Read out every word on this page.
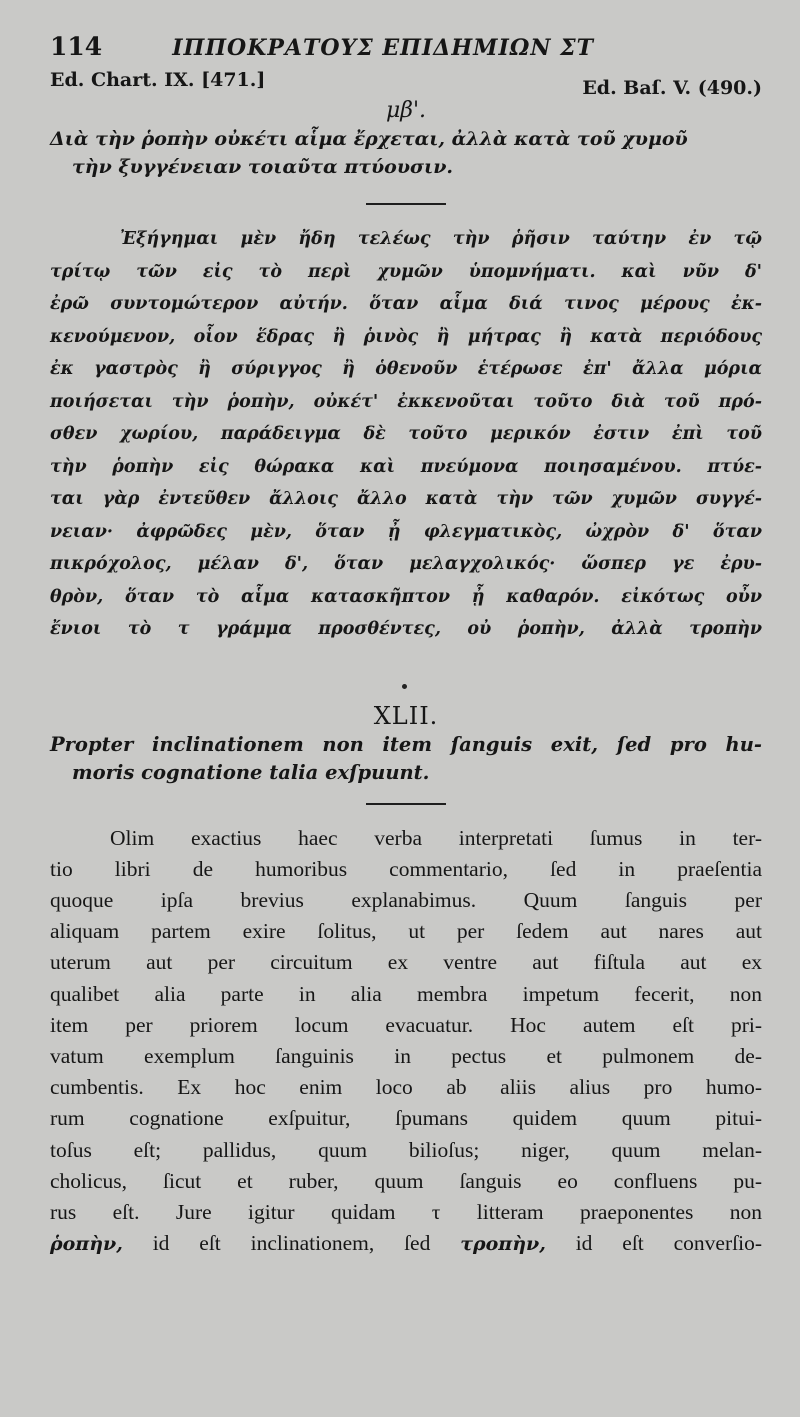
114	ΙΠΠΟΚΡΑΤΟΥΣ ΕΠΙΔΗΜΙΩΝ ΣΤ
Ed. Chart. IX. [471.]	Ed. Baſ. V. (490.)
μβ'.
Διὰ τὴν ῥοπὴν οὐκέτι αἷμα ἔρχεται, ἀλλὰ κατὰ τοῦ χυμοῦ
τὴν ξυγγένειαν τοιαῦτα πτύουσιν.
Ἐξήγημαι μὲν ἤδη τελέως τὴν ῥῆσιν ταύτην ἐν τῷ
τρίτῳ τῶν εἰς τὸ περὶ χυμῶν ὑπομνήματι. καὶ νῦν δ'
ἐρῶ συντομώτερον αὐτήν. ὅταν αἷμα διά τινος μέρους ἐκ-
κενούμενον, οἷον ἕδρας ἢ ῥινὸς ἢ μήτρας ἢ κατὰ περιόδους
ἐκ γαστρὸς ἢ σύριγγος ἢ ὁθενοῦν ἑτέρωσε ἐπ' ἄλλα μόρια
ποιήσεται τὴν ῥοπὴν, οὐκέτ' ἐκκενοῦται τοῦτο διὰ τοῦ πρό-
σθεν χωρίου, παράδειγμα δὲ τοῦτο μερικόν ἐστιν ἐπὶ τοῦ
τὴν ῥοπὴν εἰς θώρακα καὶ πνεύμονα ποιησαμένου. πτύε-
ται γὰρ ἐντεῦθεν ἄλλοις ἄλλο κατὰ τὴν τῶν χυμῶν συγγέ-
νειαν· ἀφρῶδες μὲν, ὅταν ᾖ φλεγματικὸς, ὠχρὸν δ' ὅταν
πικρόχολος, μέλαν δ', ὅταν μελαγχολικός· ὥσπερ γε ἐρυ-
θρὸν, ὅταν τὸ αἷμα κατασκῆπτον ᾖ καθαρόν. εἰκότως οὖν
ἔνιοι τὸ τ γράμμα προσθέντες, οὐ ῥοπὴν, ἀλλὰ τροπὴν
XLII.
Propter inclinationem non item ſanguis exit, ſed pro hu-
moris cognatione talia exſpuunt.
Olim exactius haec verba interpretati ſumus in ter-
tio libri de humoribus commentario, ſed in praeſentia
quoque ipſa brevius explanabimus. Quum ſanguis per
aliquam partem exire ſolitus, ut per ſedem aut nares aut
uterum aut per circuitum ex ventre aut fiſtula aut ex
qualibet alia parte in alia membra impetum fecerit, non
item per priorem locum evacuatur. Hoc autem eſt pri-
vatum exemplum ſanguinis in pectus et pulmonem de-
cumbentis. Ex hoc enim loco ab aliis alius pro humo-
rum cognatione exſpuitur, ſpumans quidem quum pitui-
toſus eſt; pallidus, quum bilioſus; niger, quum melan-
cholicus, ſicut et ruber, quum ſanguis eo confluens pu-
rus eſt. Jure igitur quidam τ litteram praeponentes non
ῥοπὴν, id eſt inclinationem, ſed τροπὴν, id eſt converſio-
